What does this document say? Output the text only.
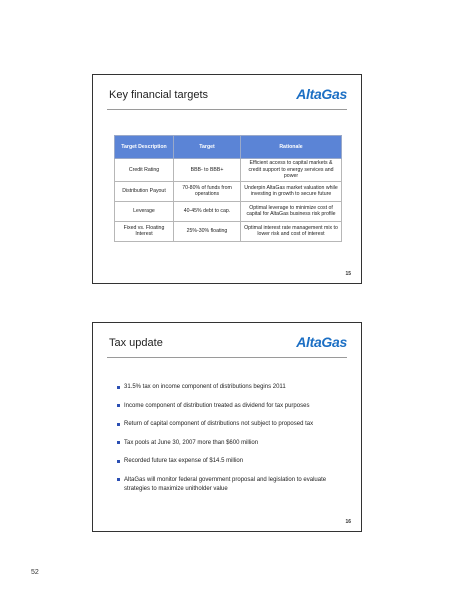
Key financial targets	AltaGas
Target Description	Target	Rationale
Credit Rating	BBB- to BBB+	Efficient access to capital markets & credit support to energy services and power
Distribution Payout	70-80% of funds from operations	Underpin AltaGas market valuation while investing in growth to secure future
Leverage	40-45% debt to cap.	Optimal leverage to minimize cost of capital for AltaGas business risk profile
Fixed vs. Floating Interest	25%-30% floating	Optimal interest rate management mix to lower risk and cost of interest
15
Tax update	AltaGas
31.5% tax on income component of distributions begins 2011
Income component of distribution treated as dividend for tax purposes
Return of capital component of distributions not subject to proposed tax
Tax pools at June 30, 2007 more than $600 million
Recorded future tax expense of $14.5 million
AltaGas will monitor federal government proposal and legislation to evaluate strategies to maximize unitholder value
16
52
